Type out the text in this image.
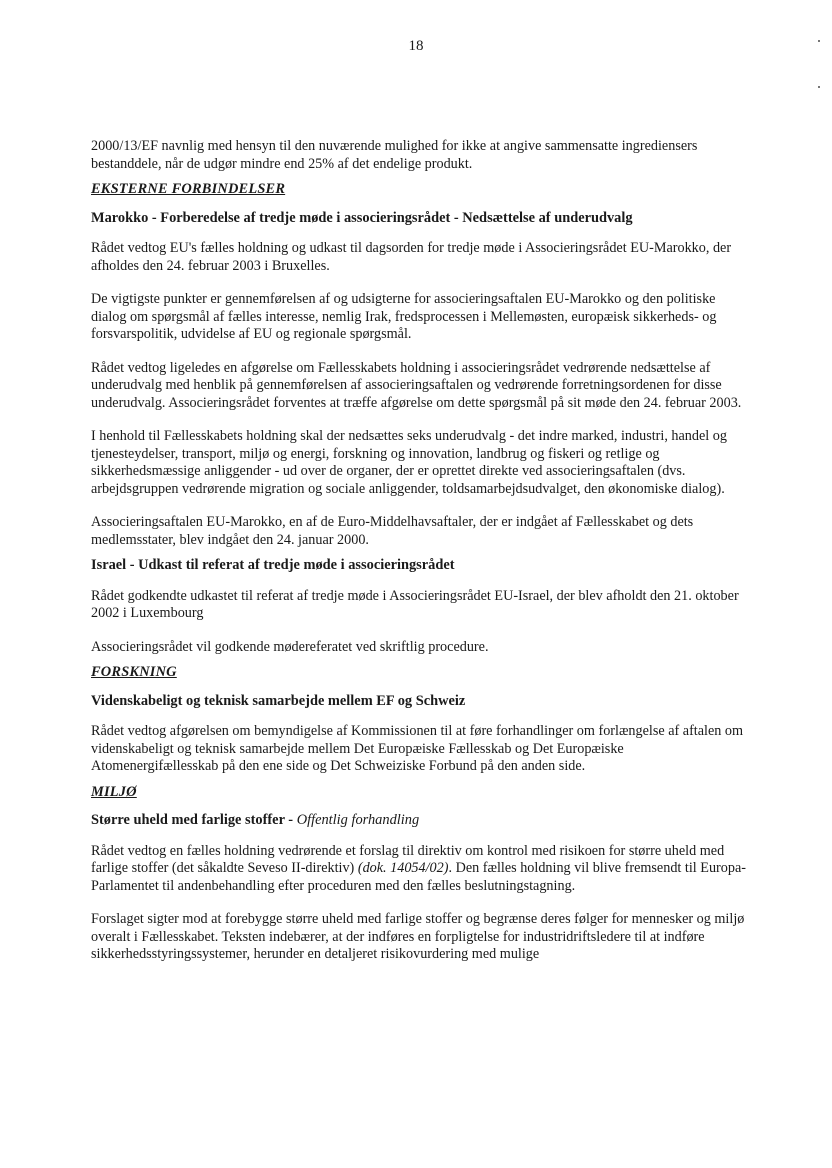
18

2000/13/EF navnlig med hensyn til den nuværende mulighed for ikke at angive sammensatte ingrediensers bestanddele, når de udgør mindre end 25% af det endelige produkt.

EKSTERNE FORBINDELSER
Marokko - Forberedelse af tredje møde i associeringsrådet - Nedsættelse af underudvalg

Rådet vedtog EU's fælles holdning og udkast til dagsorden for tredje møde i Associeringsrådet EU-Marokko, der afholdes den 24. februar 2003 i Bruxelles.

De vigtigste punkter er gennemførelsen af og udsigterne for associeringsaftalen EU-Marokko og den politiske dialog om spørgsmål af fælles interesse, nemlig Irak, fredsprocessen i Mellemøsten, europæisk sikkerheds- og forsvarspolitik, udvidelse af EU og regionale spørgsmål.

Rådet vedtog ligeledes en afgørelse om Fællesskabets holdning i associeringsrådet vedrørende nedsættelse af underudvalg med henblik på gennemførelsen af associeringsaftalen og vedrørende forretningsordenen for disse underudvalg. Associeringsrådet forventes at træffe afgørelse om dette spørgsmål på sit møde den 24. februar 2003.

I henhold til Fællesskabets holdning skal der nedsættes seks underudvalg - det indre marked, industri, handel og tjenesteydelser, transport, miljø og energi, forskning og innovation, landbrug og fiskeri og retlige og sikkerhedsmæssige anliggender - ud over de organer, der er oprettet direkte ved associeringsaftalen (dvs. arbejdsgruppen vedrørende migration og sociale anliggender, toldsamarbejdsudvalget, den økonomiske dialog).

Associeringsaftalen EU-Marokko, en af de Euro-Middelhavsaftaler, der er indgået af Fællesskabet og dets medlemsstater, blev indgået den 24. januar 2000.

Israel - Udkast til referat af tredje møde i associeringsrådet

Rådet godkendte udkastet til referat af tredje møde i Associeringsrådet EU-Israel, der blev afholdt den 21. oktober 2002 i Luxembourg

Associeringsrådet vil godkende mødereferatet ved skriftlig procedure.

FORSKNING
Videnskabeligt og teknisk samarbejde mellem EF og Schweiz

Rådet vedtog afgørelsen om bemyndigelse af Kommissionen til at føre forhandlinger om forlængelse af aftalen om videnskabeligt og teknisk samarbejde mellem Det Europæiske Fællesskab og Det Europæiske Atomenergifællesskab på den ene side og Det Schweiziske Forbund på den anden side.

MILJØ
Større uheld med farlige stoffer - Offentlig forhandling

Rådet vedtog en fælles holdning vedrørende et forslag til direktiv om kontrol med risikoen for større uheld med farlige stoffer (det såkaldte Seveso II-direktiv) (dok. 14054/02). Den fælles holdning vil blive fremsendt til Europa-Parlamentet til andenbehandling efter proceduren med den fælles beslutningstagning.

Forslaget sigter mod at forebygge større uheld med farlige stoffer og begrænse deres følger for mennesker og miljø overalt i Fællesskabet. Teksten indebærer, at der indføres en forpligtelse for industridriftsledere til at indføre sikkerhedsstyringssystemer, herunder en detaljeret risikovurdering med mulige
